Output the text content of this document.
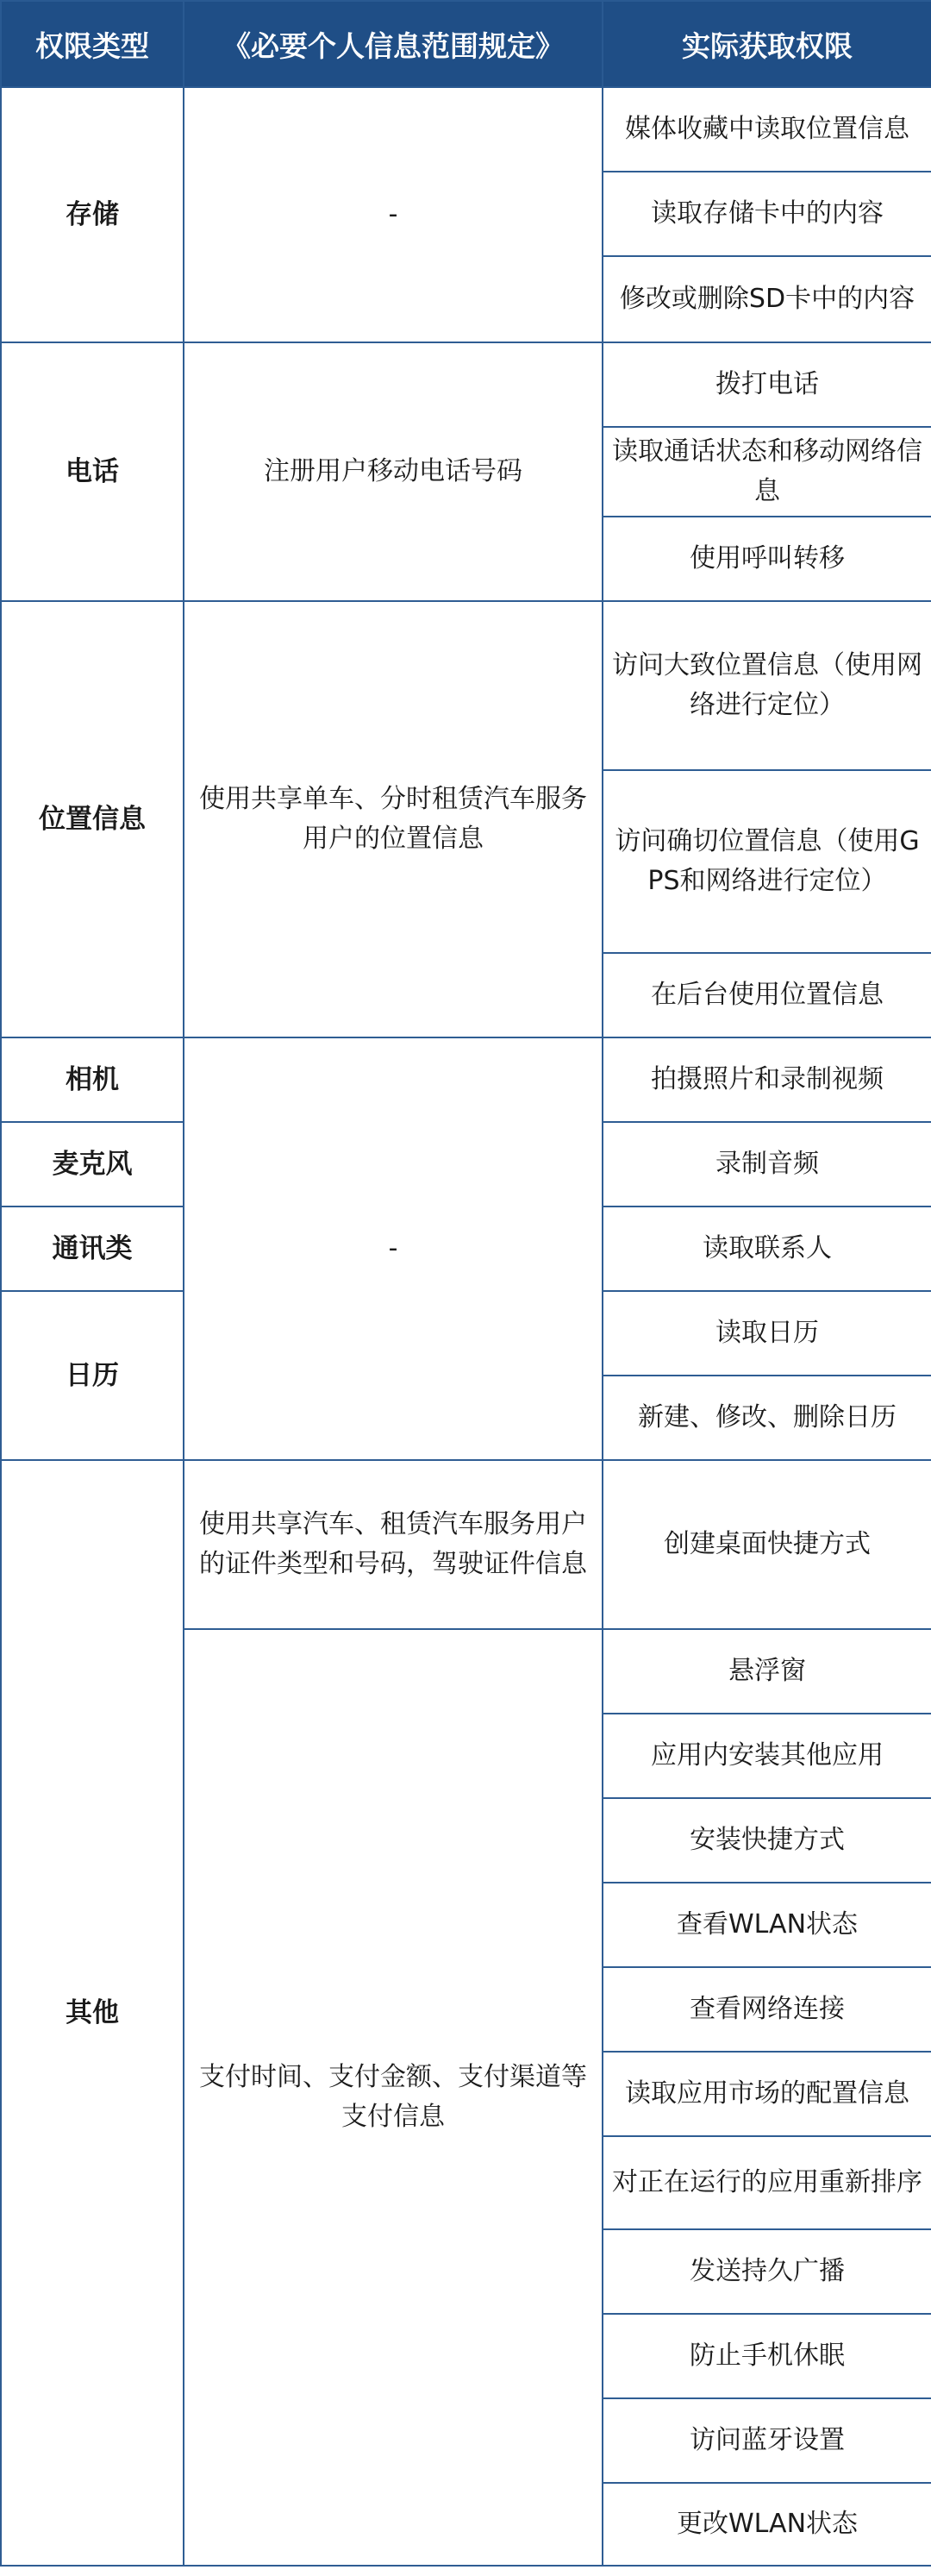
权限类型	《必要个人信息范围规定》	实际获取权限
存储	-	媒体收藏中读取位置信息
		读取存储卡中的内容
		修改或删除SD卡中的内容
电话	注册用户移动电话号码	拨打电话
		读取通话状态和移动网络信息
		使用呼叫转移
位置信息	使用共享单车、分时租赁汽车服务用户的位置信息	访问大致位置信息（使用网络进行定位）
		访问确切位置信息（使用GPS和网络进行定位）
		在后台使用位置信息
相机	-	拍摄照片和录制视频
麦克风		录制音频
通讯类		读取联系人
日历		读取日历
		新建、修改、删除日历
其他	使用共享汽车、租赁汽车服务用户的证件类型和号码，驾驶证件信息	创建桌面快捷方式
	支付时间、支付金额、支付渠道等支付信息	悬浮窗
		应用内安装其他应用
		安装快捷方式
		查看WLAN状态
		查看网络连接
		读取应用市场的配置信息
		对正在运行的应用重新排序
		发送持久广播
		防止手机休眠
		访问蓝牙设置
		更改WLAN状态
